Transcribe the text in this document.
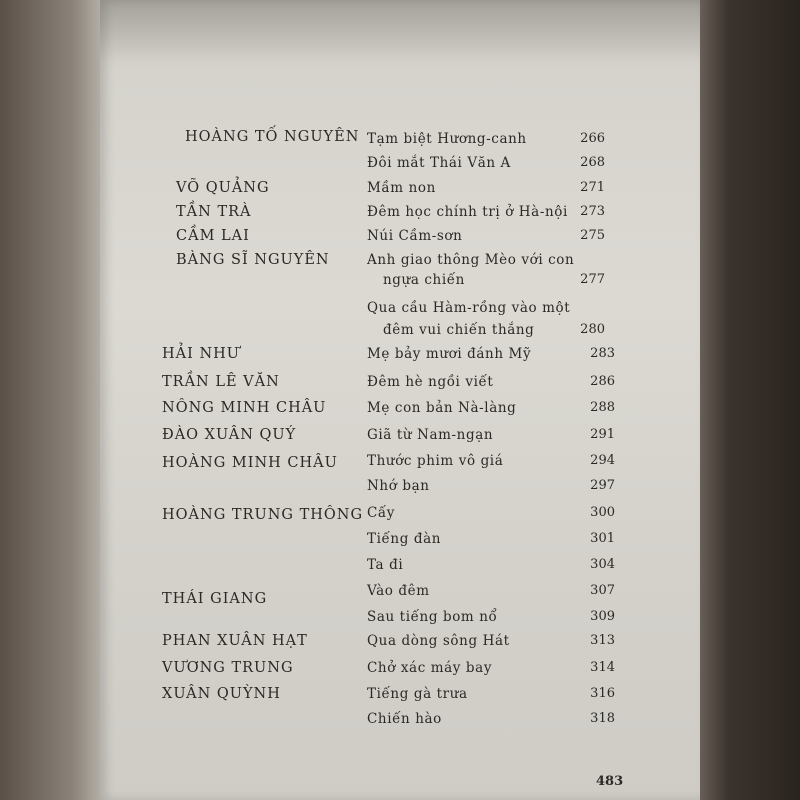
HOÀNG TỐ NGUYÊN Tạm biệt Hương-canh	266
Đôi mắt Thái Văn A	268
VÕ QUẢNG	Mầm non	271
TẦN TRÀ	Đêm học chính trị ở Hà-nội 273
CẦM LAI	Núi Cầm-sơn	275
BÀNG SĨ NGUYÊN	Anh giao thông Mèo với con
ngựa chiến	277
Qua cầu Hàm-rồng vào một
đêm vui chiến thắng	280
HẢI NHƯ	Mẹ bảy mươi đánh Mỹ	283
TRẦN LÊ VĂN	Đêm hè ngồi viết	286
NÔNG MINH CHÂU	Mẹ con bản Nà-làng	288
ĐÀO XUÂN QUÝ	Giã từ Nam-ngạn	291
HOÀNG MINH CHÂU Thước phim vô giá	294
Nhớ bạn	297
HOÀNG TRUNG THÔNG Cấy	300
Tiếng đàn	301
Ta đi	304
THÁI GIANG	Vào đêm	307
Sau tiếng bom nổ	309
PHAN XUÂN HẠT	Qua dòng sông Hát	313
VƯƠNG TRUNG	Chở xác máy bay	314
XUÂN QUỲNH	Tiếng gà trưa	316
Chiến hào	318
483
